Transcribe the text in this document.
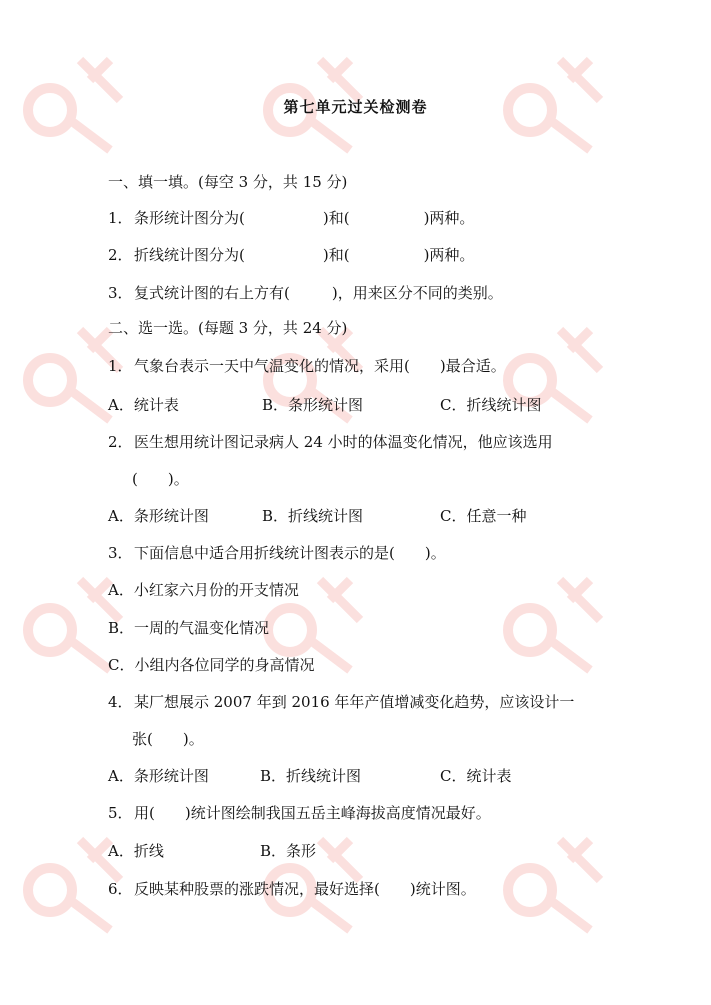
第七单元过关检测卷
一、填一填。(每空 3 分，共 15 分)
1．条形统计图分为(	)和(	)两种。
2．折线统计图分为(	)和(	)两种。
3．复式统计图的右上方有(	)，用来区分不同的类别。
二、选一选。(每题 3 分，共 24 分)
1．气象台表示一天中气温变化的情况，采用(　　)最合适。
A．统计表	B．条形统计图	C．折线统计图
2．医生想用统计图记录病人 24 小时的体温变化情况，他应该选用
(　　)。
A．条形统计图	B．折线统计图	C．任意一种
3．下面信息中适合用折线统计图表示的是(　　)。
A．小红家六月份的开支情况
B．一周的气温变化情况
C．小组内各位同学的身高情况
4．某厂想展示 2007 年到 2016 年年产值增减变化趋势，应该设计一
张(　　)。
A．条形统计图	B．折线统计图	C．统计表
5．用(　　)统计图绘制我国五岳主峰海拔高度情况最好。
A．折线	B．条形
6．反映某种股票的涨跌情况，最好选择(　　)统计图。
